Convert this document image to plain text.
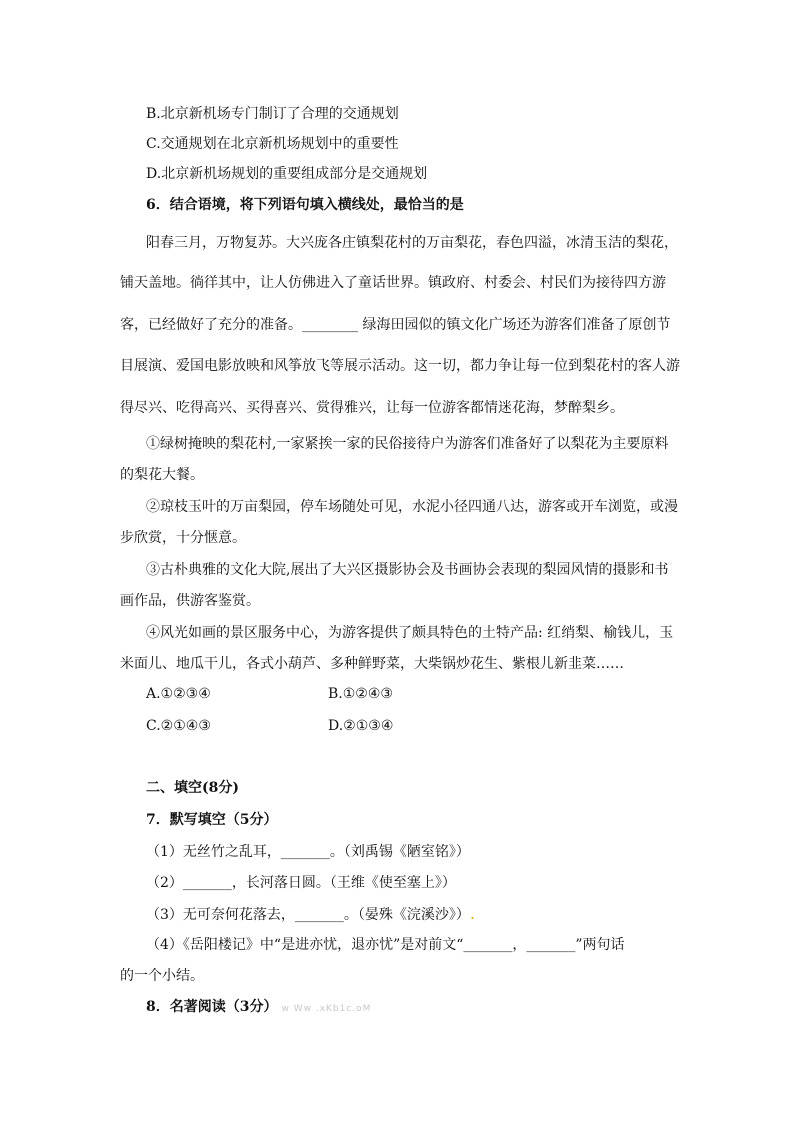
B.北京新机场专门制订了合理的交通规划
C.交通规划在北京新机场规划中的重要性
D.北京新机场规划的重要组成部分是交通规划
6．结合语境，将下列语句填入横线处，最恰当的是
阳春三月，万物复苏。大兴庞各庄镇梨花村的万亩梨花，春色四溢，冰清玉洁的梨花，
铺天盖地。徜徉其中，让人仿佛进入了童话世界。镇政府、村委会、村民们为接待四方游
客，已经做好了充分的准备。________ 绿海田园似的镇文化广场还为游客们准备了原创节
目展演、爱国电影放映和风筝放飞等展示活动。这一切，都力争让每一位到梨花村的客人游
得尽兴、吃得高兴、买得喜兴、赏得雅兴，让每一位游客都情迷花海，梦醉梨乡。
①绿树掩映的梨花村,一家紧挨一家的民俗接待户为游客们准备好了以梨花为主要原料
的梨花大餐。
②琼枝玉叶的万亩梨园，停车场随处可见，水泥小径四通八达，游客或开车浏览，或漫
步欣赏，十分惬意。
③古朴典雅的文化大院,展出了大兴区摄影协会及书画协会表现的梨园风情的摄影和书
画作品，供游客鉴赏。
④风光如画的景区服务中心，为游客提供了颇具特色的土特产品: 红绡梨、榆钱儿，玉
米面儿、地瓜干儿，各式小葫芦、多种鲜野菜，大柴锅炒花生、紫根儿新韭菜……
A.①②③④	B.①②④③
C.②①④③	D.②①③④
二、填空(8分)
7．默写填空（5分）
（1）无丝竹之乱耳，_______。（刘禹锡《陋室铭》）
（2）_______，长河落日圆。（王维《使至塞上》）
（3）无可奈何花落去，_______。（晏殊《浣溪沙》）.
（4）《岳阳楼记》中“是进亦忧，退亦忧”是对前文“_______，_______”两句话
的一个小结。
8．名著阅读（3分） w Ww .xKb1c.oM
